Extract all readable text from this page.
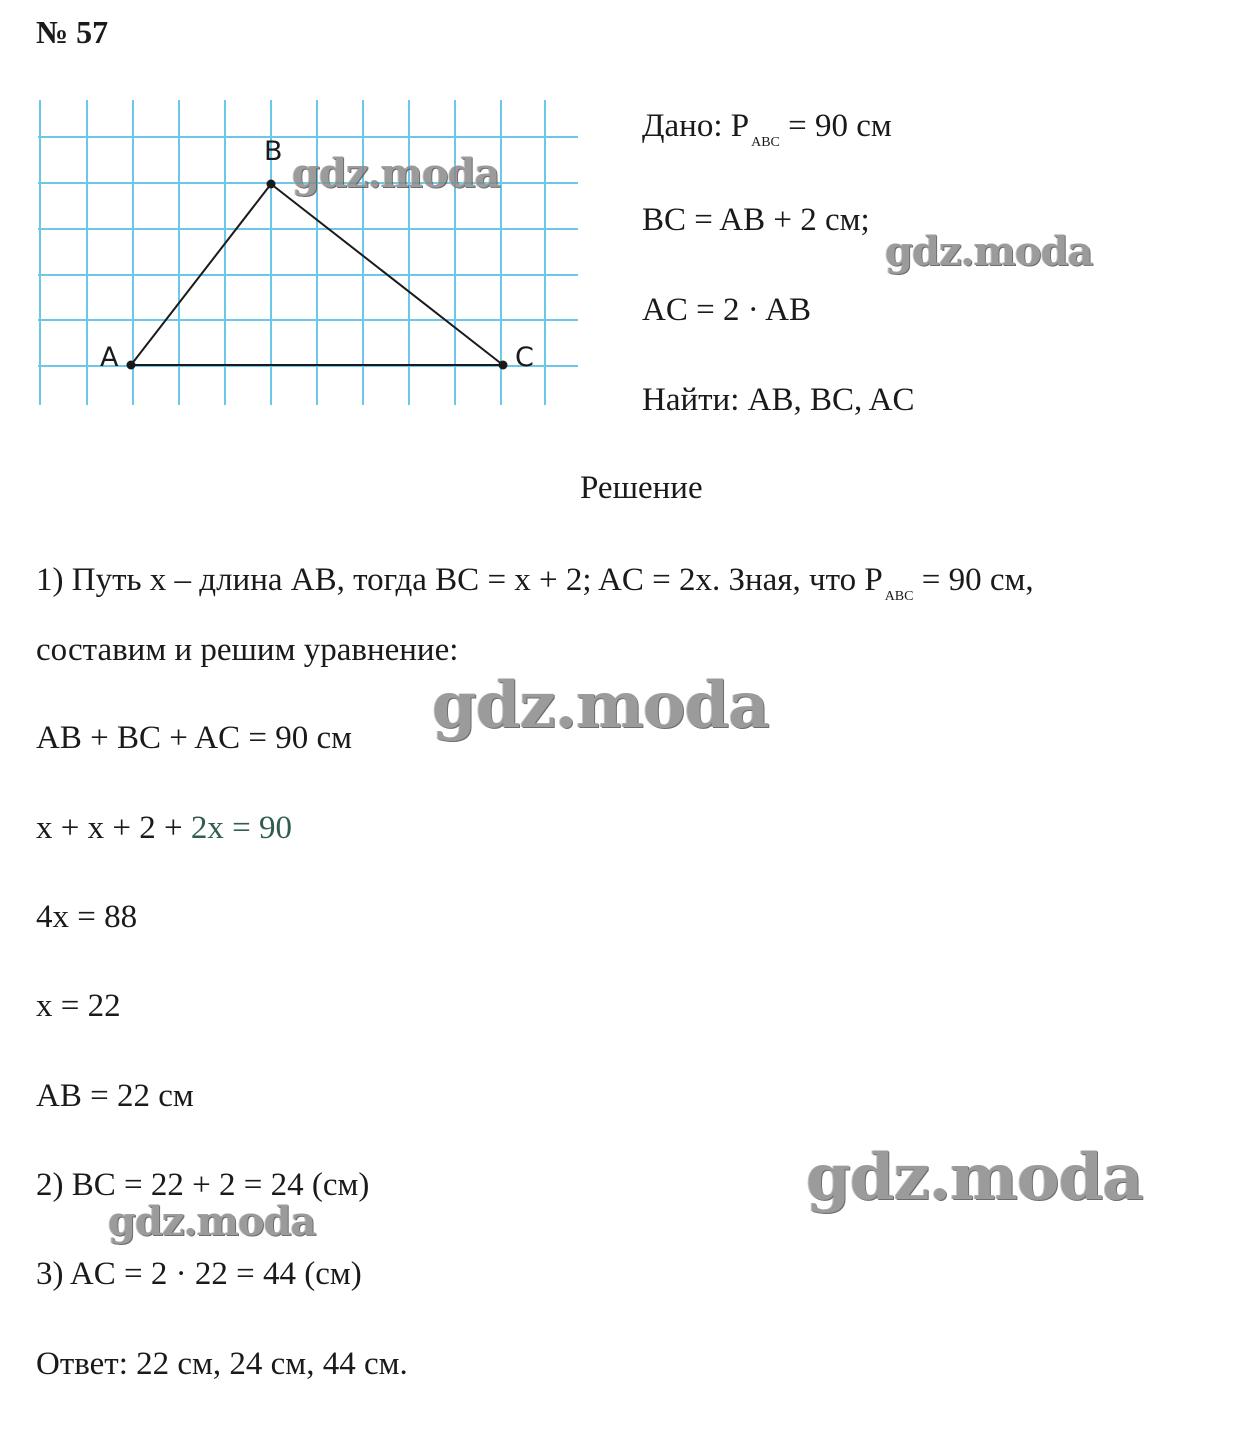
№ 57
A
B
C
Дано: P $_{ABC}$ = 90 см
BC = AB + 2 см;
AC = 2 · AB
Найти: AB, BC, AC
Решение
1) Путь x – длина AB, тогда BC = x + 2; AC = 2x. Зная, что P $_{ABC}$ = 90 см,
составим и решим уравнение:
AB + BC + AC = 90 см
x + x + 2 + 2x = 90
4x = 88
x = 22
AB = 22 см
2) BC = 22 + 2 = 24 (см)
3) AC = 2 · 22 = 44 (см)
Ответ: 22 см, 24 см, 44 см.
gdz.moda
gdz.moda
gdz.moda
gdz.moda
gdz.moda
